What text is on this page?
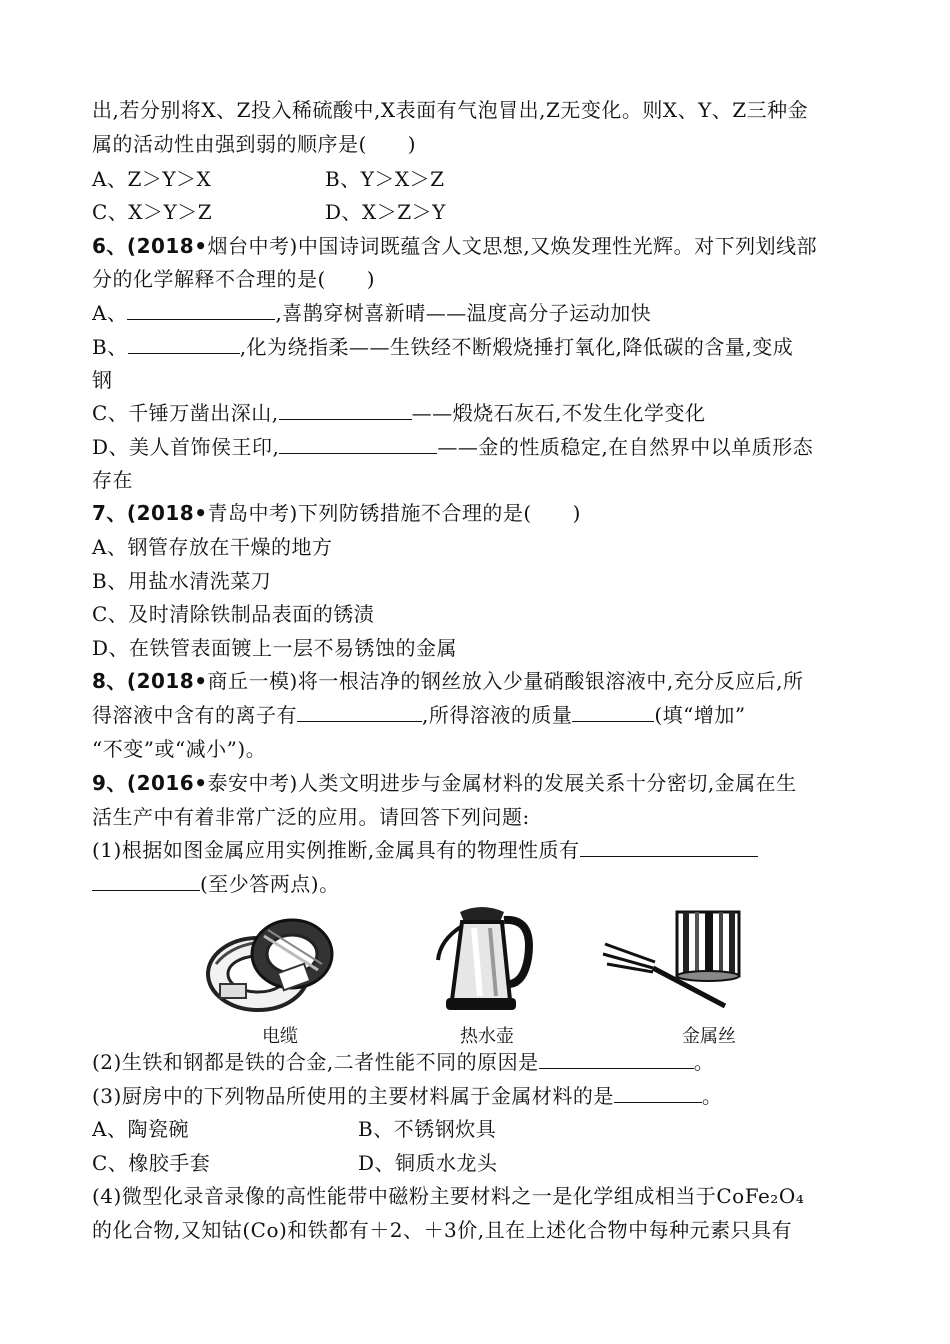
出,若分别将X、Z投入稀硫酸中,X表面有气泡冒出,Z无变化。则X、Y、Z三种金
属的活动性由强到弱的顺序是(　　)
A、Z＞Y＞X	B、Y＞X＞Z
C、X＞Y＞Z	D、X＞Z＞Y
6、(2018•烟台中考)中国诗词既蕴含人文思想,又焕发理性光辉。对下列划线部
分的化学解释不合理的是(　　)
A、	,喜鹊穿树喜新晴——温度高分子运动加快
B、	,化为绕指柔——生铁经不断煅烧捶打氧化,降低碳的含量,变成
钢
C、千锤万凿出深山,	——煅烧石灰石,不发生化学变化
D、美人首饰侯王印,	——金的性质稳定,在自然界中以单质形态
存在
7、(2018•青岛中考)下列防锈措施不合理的是(　　)
A、钢管存放在干燥的地方
B、用盐水清洗菜刀
C、及时清除铁制品表面的锈渍
D、在铁管表面镀上一层不易锈蚀的金属
8、(2018•商丘一模)将一根洁净的钢丝放入少量硝酸银溶液中,充分反应后,所
得溶液中含有的离子有	,所得溶液的质量	(填“增加”
“不变”或“减小”)。
9、(2016•泰安中考)人类文明进步与金属材料的发展关系十分密切,金属在生
活生产中有着非常广泛的应用。请回答下列问题:
(1)根据如图金属应用实例推断,金属具有的物理性质有
(至少答两点)。
电缆	热水壶	金属丝
(2)生铁和钢都是铁的合金,二者性能不同的原因是	。
(3)厨房中的下列物品所使用的主要材料属于金属材料的是	。
A、陶瓷碗	B、不锈钢炊具
C、橡胶手套	D、铜质水龙头
(4)微型化录音录像的高性能带中磁粉主要材料之一是化学组成相当于CoFe₂O₄
的化合物,又知钴(Co)和铁都有＋2、＋3价,且在上述化合物中每种元素只具有
